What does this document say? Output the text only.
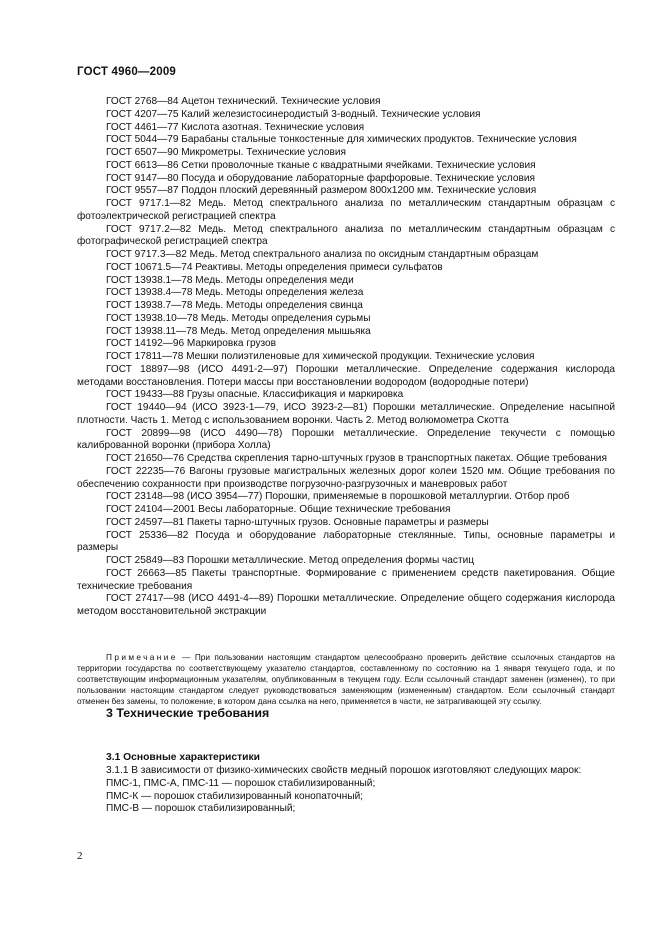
ГОСТ 4960—2009

ГОСТ 2768—84 Ацетон технический. Технические условия

ГОСТ 4207—75 Калий железистосинеродистый 3-водный. Технические условия

ГОСТ 4461—77 Кислота азотная. Технические условия

ГОСТ 5044—79 Барабаны стальные тонкостенные для химических продуктов. Технические условия

ГОСТ 6507—90 Микрометры. Технические условия

ГОСТ 6613—86 Сетки проволочные тканые с квадратными ячейками. Технические условия

ГОСТ 9147—80 Посуда и оборудование лабораторные фарфоровые. Технические условия

ГОСТ 9557—87 Поддон плоский деревянный размером 800х1200 мм. Технические условия

ГОСТ 9717.1—82 Медь. Метод спектрального анализа по металлическим стандартным образцам с фотоэлектрической регистрацией спектра

ГОСТ 9717.2—82 Медь. Метод спектрального анализа по металлическим стандартным образцам с фотографической регистрацией спектра

ГОСТ 9717.3—82 Медь. Метод спектрального анализа по оксидным стандартным образцам

ГОСТ 10671.5—74 Реактивы. Методы определения примеси сульфатов

ГОСТ 13938.1—78 Медь. Методы определения меди

ГОСТ 13938.4—78 Медь. Методы определения железа

ГОСТ 13938.7—78 Медь. Методы определения свинца

ГОСТ 13938.10—78 Медь. Методы определения сурьмы

ГОСТ 13938.11—78 Медь. Метод определения мышьяка

ГОСТ 14192—96 Маркировка грузов

ГОСТ 17811—78 Мешки полиэтиленовые для химической продукции. Технические условия

ГОСТ 18897—98 (ИСО 4491-2—97) Порошки металлические. Определение содержания кислорода методами восстановления. Потери массы при восстановлении водородом (водородные потери)

ГОСТ 19433—88 Грузы опасные. Классификация и маркировка

ГОСТ 19440—94 (ИСО 3923-1—79, ИСО 3923-2—81) Порошки металлические. Определение насыпной плотности. Часть 1. Метод с использованием воронки. Часть 2. Метод волюмометра Скотта

ГОСТ 20899—98 (ИСО 4490—78) Порошки металлические. Определение текучести с помощью калиброванной воронки (прибора Холла)

ГОСТ 21650—76 Средства скрепления тарно-штучных грузов в транспортных пакетах. Общие требования

ГОСТ 22235—76 Вагоны грузовые магистральных железных дорог колеи 1520 мм. Общие требования по обеспечению сохранности при производстве погрузочно-разгрузочных и маневровых работ

ГОСТ 23148—98 (ИСО 3954—77) Порошки, применяемые в порошковой металлургии. Отбор проб

ГОСТ 24104—2001 Весы лабораторные. Общие технические требования

ГОСТ 24597—81 Пакеты тарно-штучных грузов. Основные параметры и размеры

ГОСТ 25336—82 Посуда и оборудование лабораторные стеклянные. Типы, основные параметры и размеры

ГОСТ 25849—83 Порошки металлические. Метод определения формы частиц

ГОСТ 26663—85 Пакеты транспортные. Формирование с применением средств пакетирования. Общие технические требования

ГОСТ 27417—98 (ИСО 4491-4—89) Порошки металлические. Определение общего содержания кислорода методом восстановительной экстракции

Примечание — При пользовании настоящим стандартом целесообразно проверить действие ссылочных стандартов на территории государства по соответствующему указателю стандартов, составленному по состоянию на 1 января текущего года, и по соответствующим информационным указателям, опубликованным в текущем году. Если ссылочный стандарт заменен (изменен), то при пользовании настоящим стандартом следует руководствоваться заменяющим (измененным) стандартом. Если ссылочный стандарт отменен без замены, то положение, в котором дана ссылка на него, применяется в части, не затрагивающей эту ссылку.

3 Технические требования
3.1 Основные характеристики

3.1.1 В зависимости от физико-химических свойств медный порошок изготовляют следующих марок:

ПМС-1, ПМС-А, ПМС-11 — порошок стабилизированный;

ПМС-К — порошок стабилизированный конопаточный;

ПМС-В — порошок стабилизированный;

2
